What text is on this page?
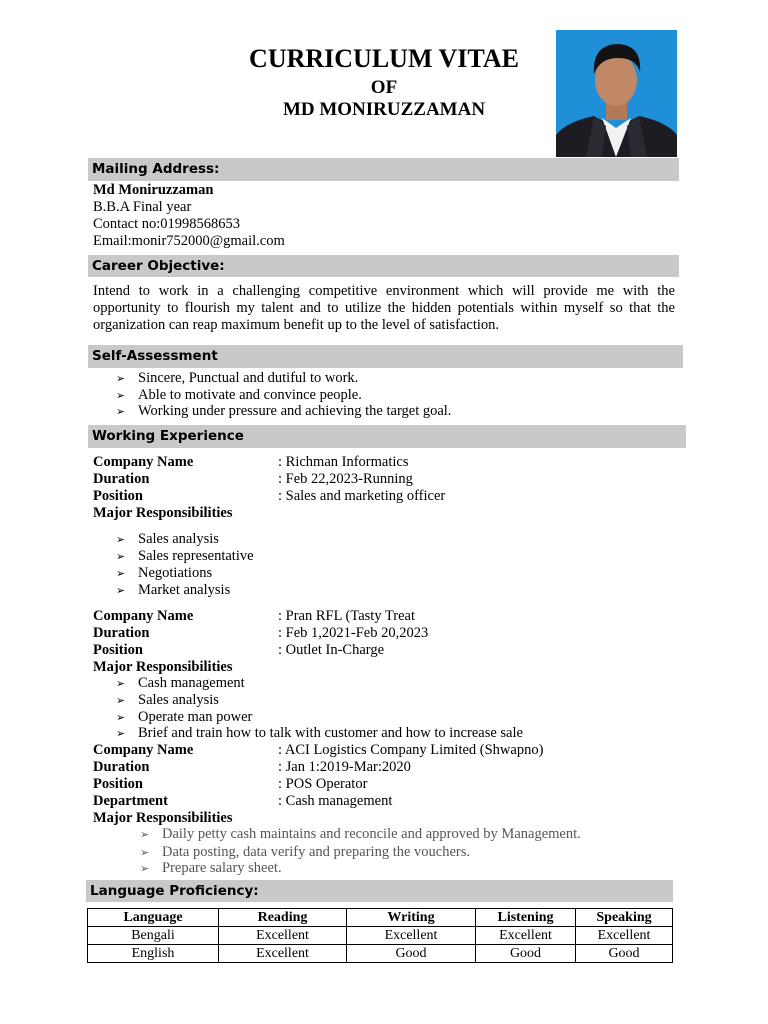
CURRICULUM VITAE
OF
MD MONIRUZZAMAN
Mailing Address:
Md Moniruzzaman
B.B.A Final year
Contact no:01998568653
Email:monir752000@gmail.com
Career Objective:
Intend to work in a challenging competitive environment which will provide me with the opportunity to flourish my talent and to utilize the hidden potentials within myself so that the organization can reap maximum benefit up to the level of satisfaction.
Self-Assessment
➢ Sincere, Punctual and dutiful to work.
➢ Able to motivate and convince people.
➢ Working under pressure and achieving the target goal.
Working Experience
Company Name	: Richman Informatics
Duration	: Feb 22,2023-Running
Position	: Sales and marketing officer
Major Responsibilities
➢ Sales analysis
➢ Sales representative
➢ Negotiations
➢ Market analysis
Company Name	: Pran RFL (Tasty Treat
Duration	: Feb 1,2021-Feb 20,2023
Position	: Outlet In-Charge
Major Responsibilities
➢ Cash management
➢ Sales analysis
➢ Operate man power
➢ Brief and train how to talk with customer and how to increase sale
Company Name	: ACI Logistics Company Limited (Shwapno)
Duration	: Jan 1:2019-Mar:2020
Position	: POS Operator
Department	: Cash management
Major Responsibilities
➢ Daily petty cash maintains and reconcile and approved by Management.
➢ Data posting, data verify and preparing the vouchers.
➢ Prepare salary sheet.
Language Proficiency:
Language	Reading	Writing	Listening	Speaking
Bengali	Excellent	Excellent	Excellent	Excellent
English	Excellent	Good	Good	Good
